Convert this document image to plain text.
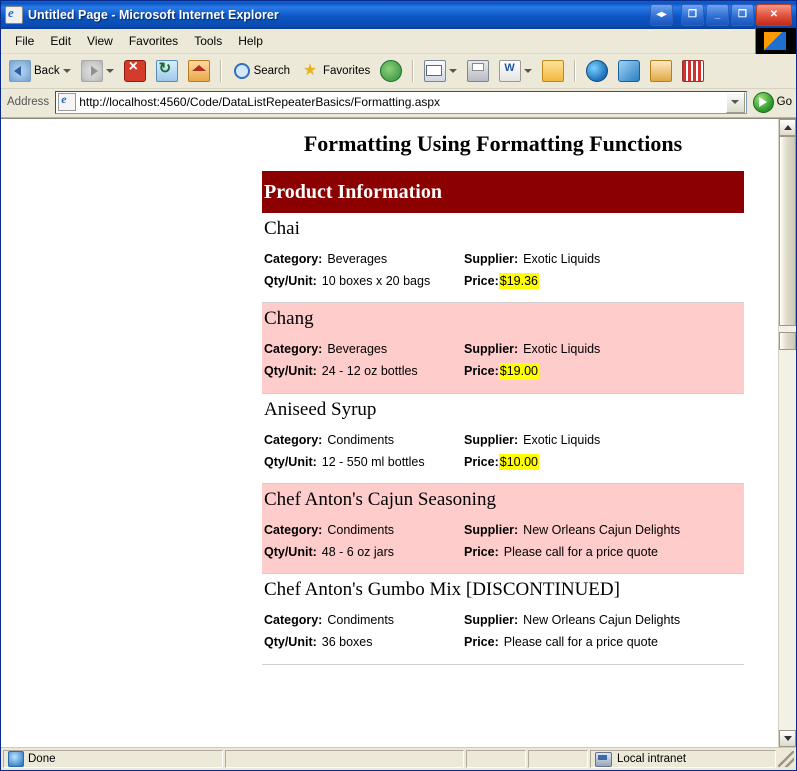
e
Untitled Page - Microsoft Internet Explorer	◂▸	❐	_	❐	✕
File	Edit	View	Favorites	Tools	Help
Back × ↻	Search ★ Favorites
W
Address e	http://localhost:4560/Code/DataListRepeaterBasics/Formatting.aspx	Go
Formatting Using Formatting Functions
Product Information
Chai
Category: Beverages	Supplier: Exotic Liquids
Qty/Unit: 10 boxes x 20 bags	Price: $19.36
Chang
Category: Beverages	Supplier: Exotic Liquids
Qty/Unit: 24 - 12 oz bottles	Price: $19.00
Aniseed Syrup
Category: Condiments	Supplier: Exotic Liquids
Qty/Unit: 12 - 550 ml bottles	Price: $10.00
Chef Anton's Cajun Seasoning
Category: Condiments	Supplier: New Orleans Cajun Delights
Qty/Unit: 48 - 6 oz jars	Price: Please call for a price quote
Chef Anton's Gumbo Mix [DISCONTINUED]
Category: Condiments	Supplier: New Orleans Cajun Delights
Qty/Unit: 36 boxes	Price: Please call for a price quote
Done	Local intranet
